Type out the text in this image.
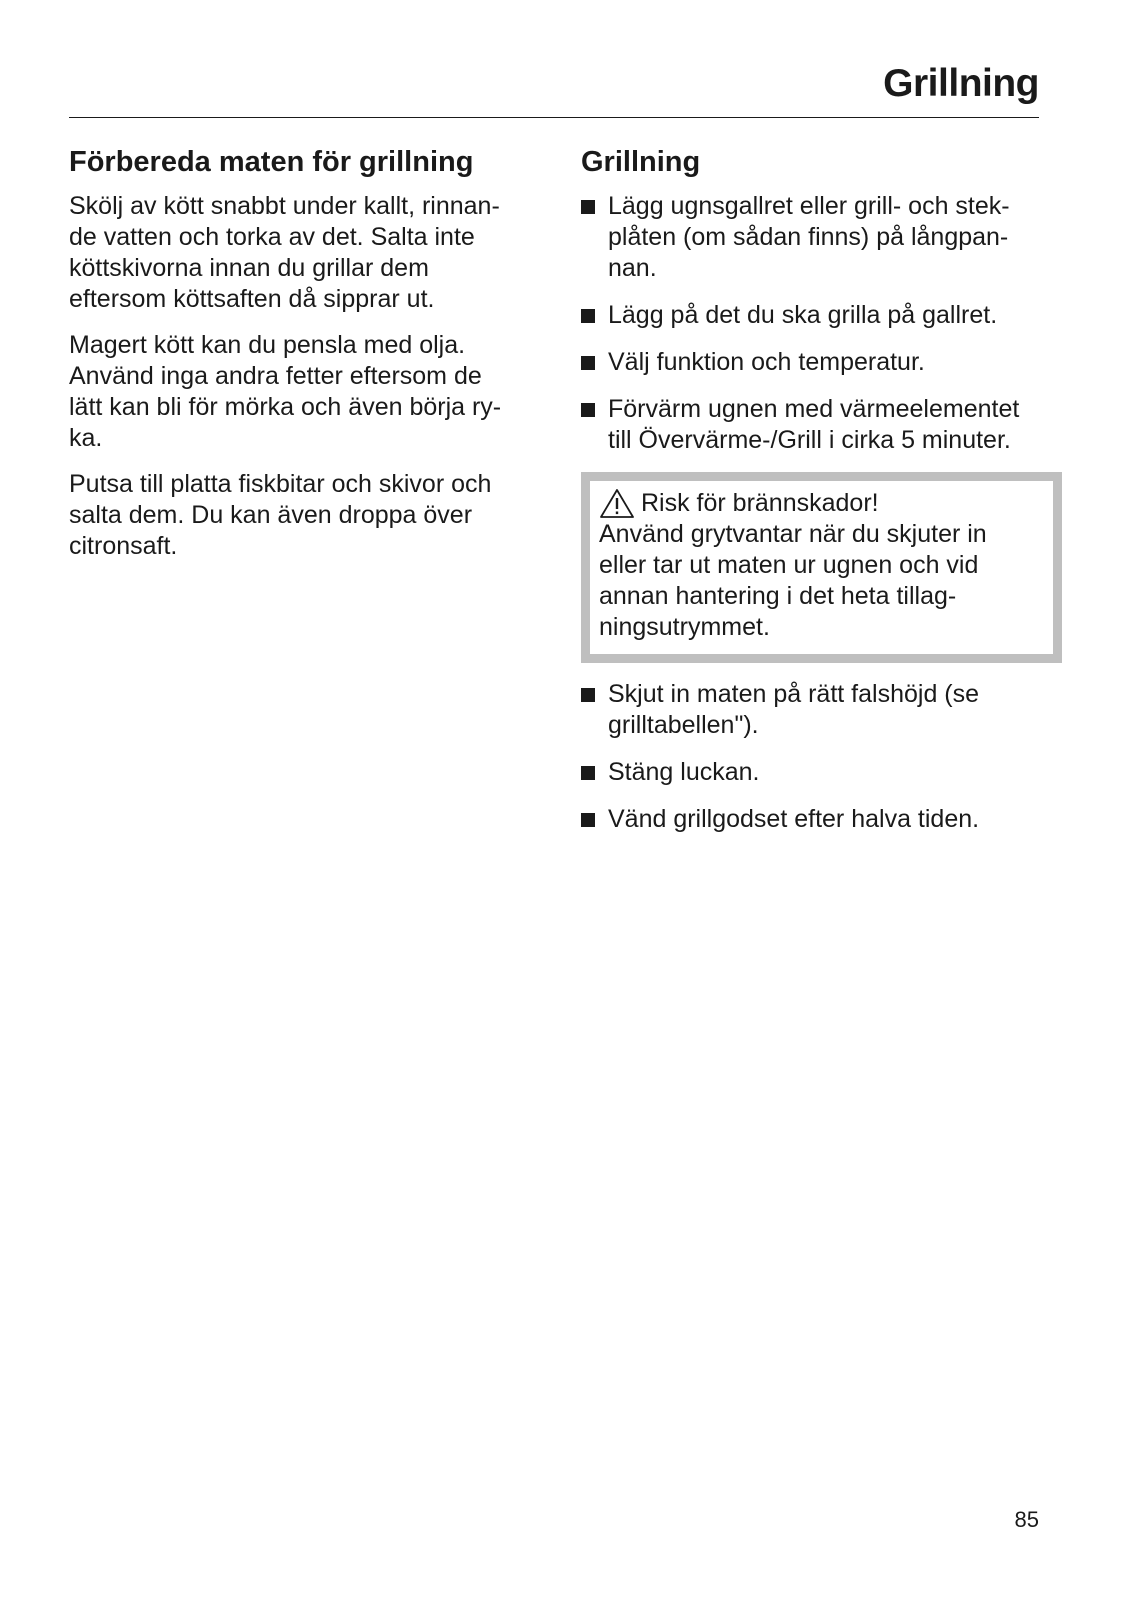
Grillning
Förbereda maten för grillning

Skölj av kött snabbt under kallt, rinnan-
de vatten och torka av det. Salta inte
köttskivorna innan du grillar dem
eftersom köttsaften då sipprar ut.

Magert kött kan du pensla med olja.
Använd inga andra fetter eftersom de
lätt kan bli för mörka och även börja ry-
ka.

Putsa till platta fiskbitar och skivor och
salta dem. Du kan även droppa över
citronsaft.

Grillning
Lägg ugnsgallret eller grill- och stek-
plåten (om sådan finns) på långpan-
nan.
Lägg på det du ska grilla på gallret.
Välj funktion och temperatur.
Förvärm ugnen med värmeelementet
till Övervärme-/Grill i cirka 5 minuter.
Risk för brännskador!
Använd grytvantar när du skjuter in
eller tar ut maten ur ugnen och vid
annan hantering i det heta tillag-
ningsutrymmet.
Skjut in maten på rätt falshöjd (se
grilltabellen").
Stäng luckan.
Vänd grillgodset efter halva tiden.
85
